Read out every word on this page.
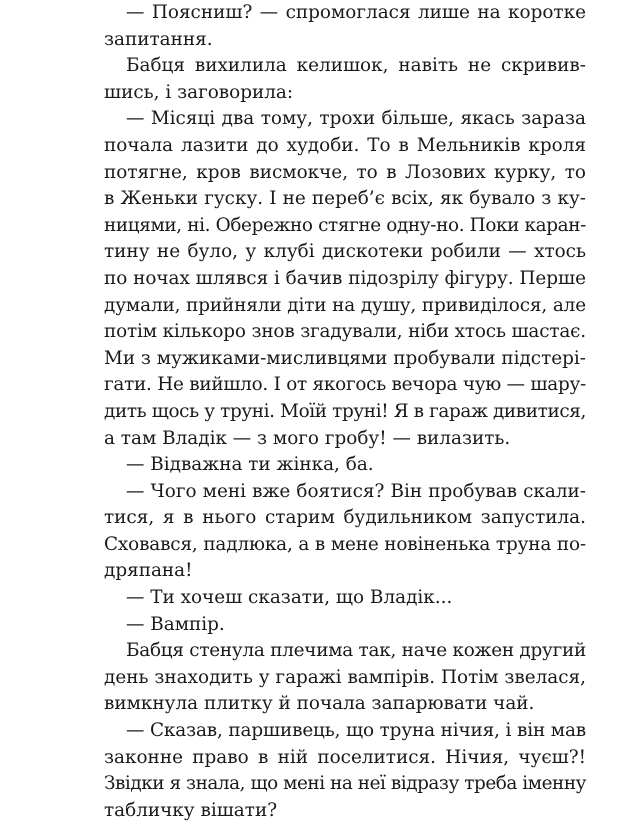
— Поясниш? — спромоглася лише на коротке
запитання.
Бабця вихилила келишок, навіть не скривив-
шись, і заговорила:
— Місяці два тому, трохи більше, якась зараза
почала лазити до худоби. То в Мельників кроля
потягне, кров висмокче, то в Лозових курку, то
в Женьки гуску. І не переб’є всіх, як бувало з ку-
ницями, ні. Обережно стягне одну-но. Поки каран-
тину не було, у клубі дискотеки робили — хтось
по ночах шлявся і бачив підозрілу фігуру. Перше
думали, прийняли діти на душу, привиділося, але
потім кількоро знов згадували, ніби хтось шастає.
Ми з мужиками-мисливцями пробували підстері-
гати. Не вийшло. І от якогось вечора чую — шару-
дить щось у труні. Моїй труні! Я в гараж дивитися,
а там Владік — з мого гробу! — вилазить.
— Відважна ти жінка, ба.
— Чого мені вже боятися? Він пробував скали-
тися, я в нього старим будильником запустила.
Сховався, падлюка, а в мене новіненька труна по-
дряпана!
— Ти хочеш сказати, що Владік...
— Вампір.
Бабця стенула плечима так, наче кожен другий
день знаходить у гаражі вампірів. Потім звелася,
вимкнула плитку й почала запарювати чай.
— Сказав, паршивець, що труна нічия, і він мав
законне право в ній поселитися. Нічия, чуєш?!
Звідки я знала, що мені на неї відразу треба іменну
табличку вішати?
